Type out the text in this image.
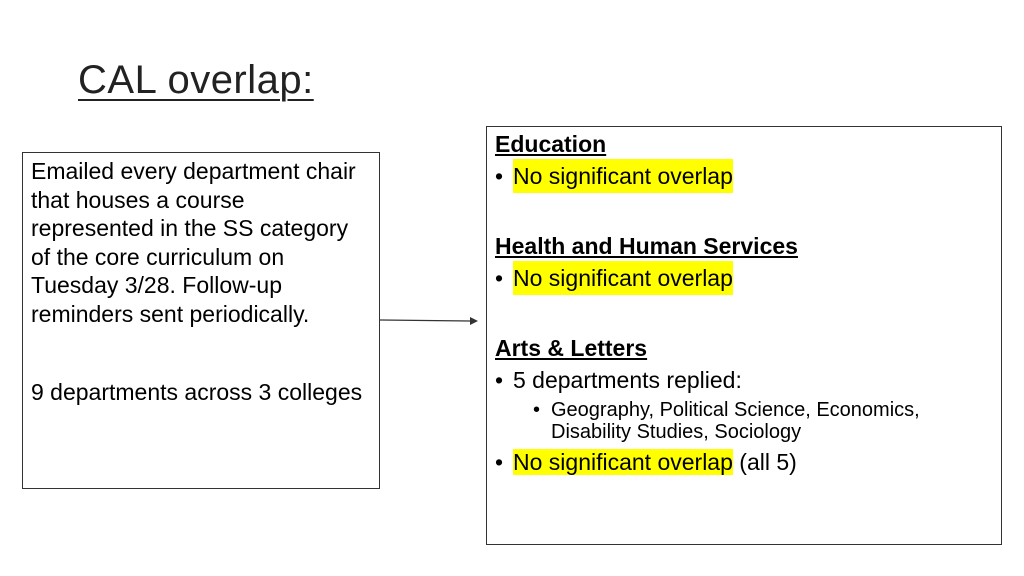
CAL overlap:

Emailed every department chair that houses a course represented in the SS category of the core curriculum on Tuesday 3/28. Follow-up reminders sent periodically.

9 departments across 3 colleges

Education
• No significant overlap
Health and Human Services
• No significant overlap
Arts & Letters
• 5 departments replied:
• Geography, Political Science, Economics, Disability Studies, Sociology
• No significant overlap (all 5)
